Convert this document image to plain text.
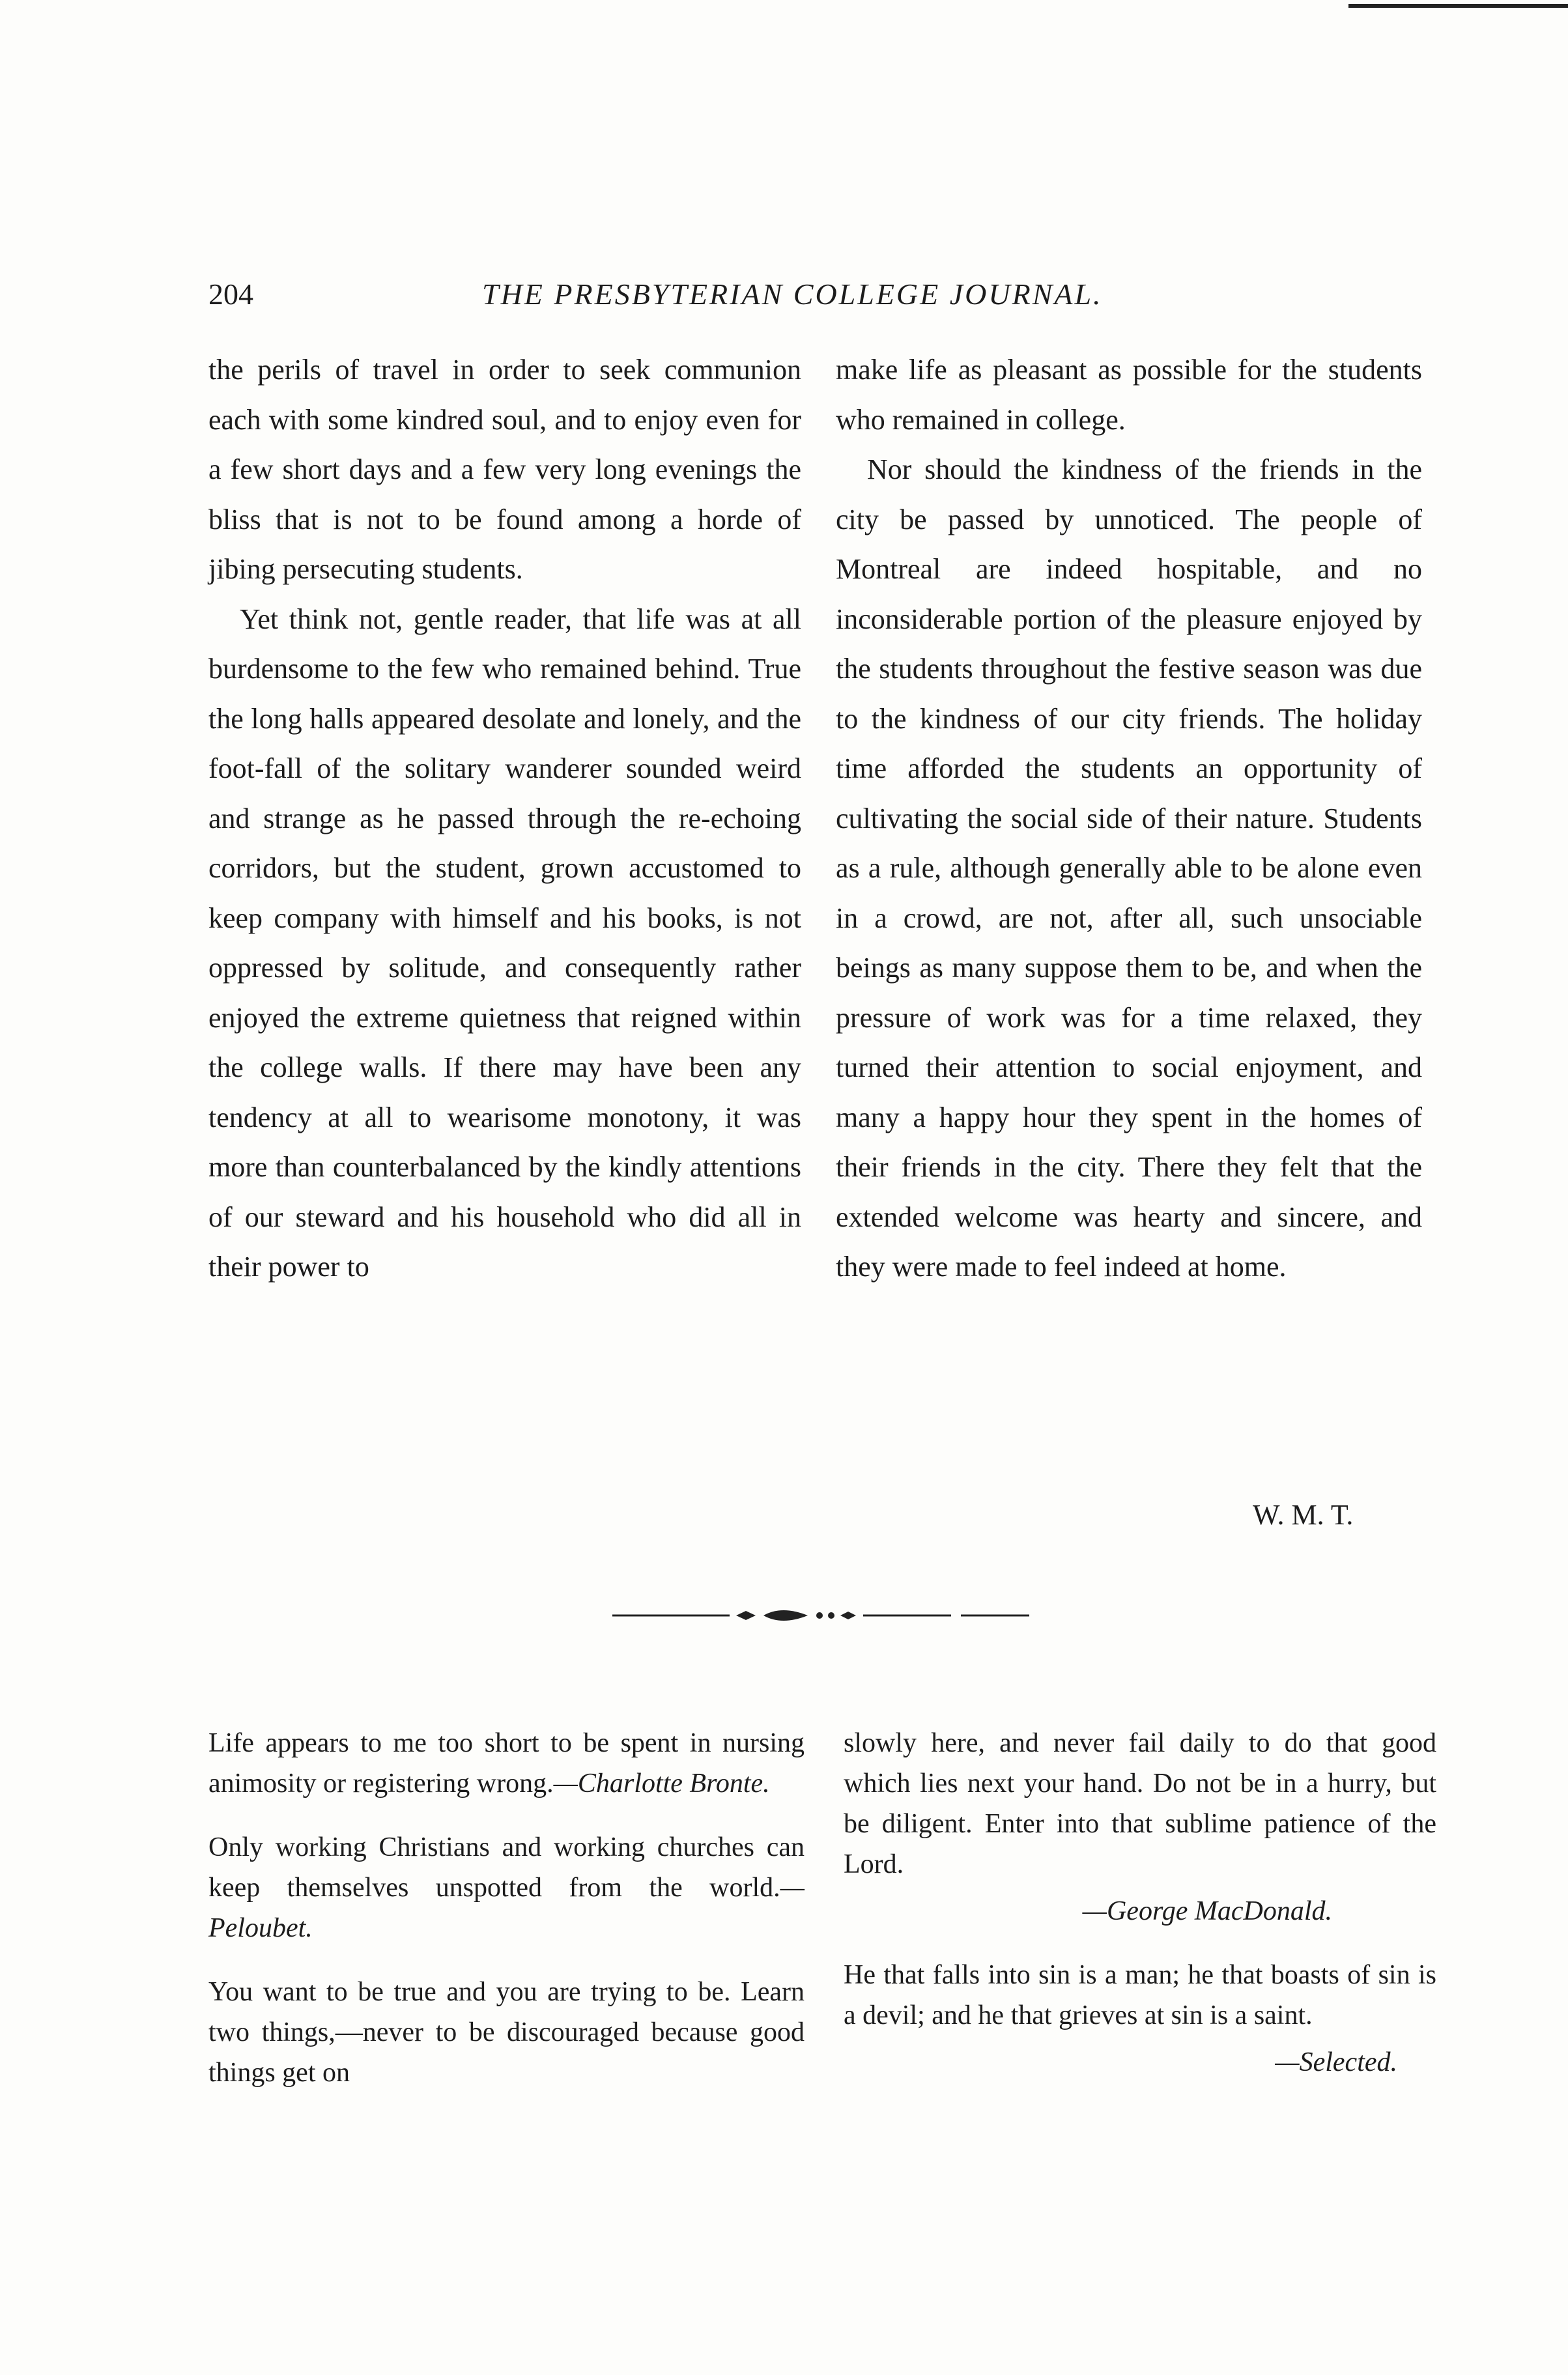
204	THE PRESBYTERIAN COLLEGE JOURNAL.

the perils of travel in order to seek communion each with some kindred soul, and to enjoy even for a few short days and a few very long evenings the bliss that is not to be found among a horde of jibing persecuting students.

Yet think not, gentle reader, that life was at all burdensome to the few who remained behind. True the long halls appeared desolate and lonely, and the foot-fall of the solitary wanderer sounded weird and strange as he passed through the re-echoing corridors, but the student, grown accustomed to keep company with himself and his books, is not oppressed by solitude, and consequently rather enjoyed the extreme quietness that reigned within the college walls. If there may have been any tendency at all to wearisome monotony, it was more than counterbalanced by the kindly attentions of our steward and his household who did all in their power to

make life as pleasant as possible for the students who remained in college.

Nor should the kindness of the friends in the city be passed by unnoticed. The people of Montreal are indeed hospitable, and no inconsiderable portion of the pleasure enjoyed by the students throughout the festive season was due to the kindness of our city friends. The holiday time afforded the students an opportunity of cultivating the social side of their nature. Students as a rule, although generally able to be alone even in a crowd, are not, after all, such unsociable beings as many suppose them to be, and when the pressure of work was for a time relaxed, they turned their attention to social enjoyment, and many a happy hour they spent in the homes of their friends in the city. There they felt that the extended welcome was hearty and sincere, and they were made to feel indeed at home.

W. M. T.

Life appears to me too short to be spent in nursing animosity or registering wrong.—Charlotte Bronte.

Only working Christians and working churches can keep themselves unspotted from the world.—Peloubet.

You want to be true and you are trying to be. Learn two things,—never to be discouraged because good things get on

slowly here, and never fail daily to do that good which lies next your hand. Do not be in a hurry, but be diligent. Enter into that sublime patience of the Lord.

—George MacDonald.

He that falls into sin is a man; he that boasts of sin is a devil; and he that grieves at sin is a saint.

—Selected.
